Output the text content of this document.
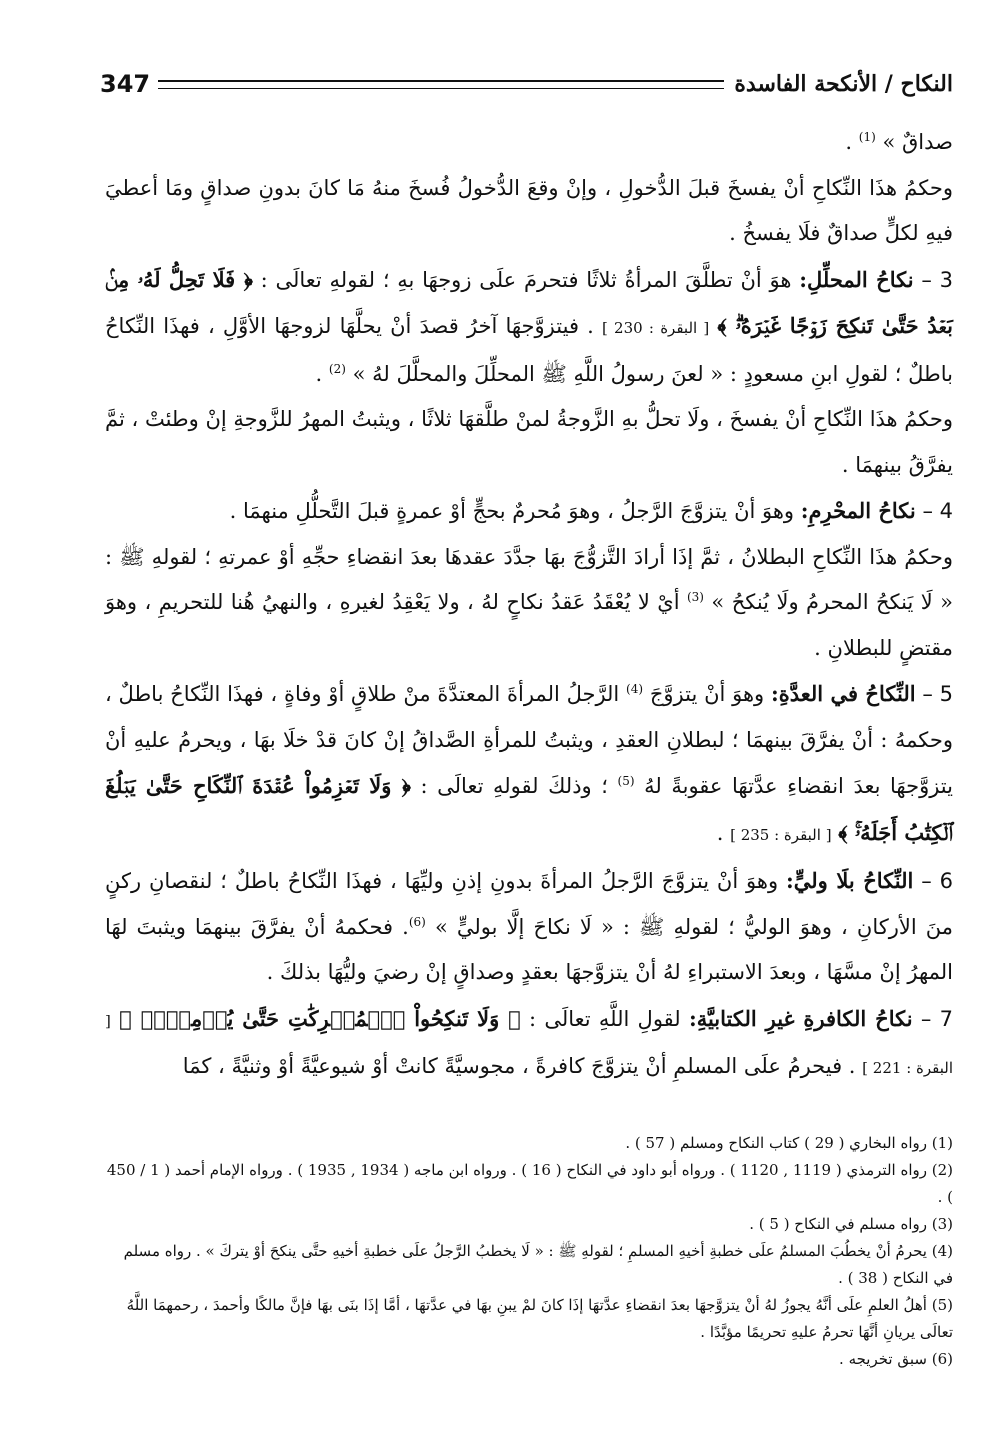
347	النكاح / الأنكحة الفاسدة

صداقٌ » $^{(1)}$ .

وحكمُ هذَا النِّكاحِ أنْ يفسخَ قبلَ الدُّخولِ ، وإنْ وقعَ الدُّخولُ فُسخَ منهُ مَا كانَ بدونِ صداقٍ ومَا أعطيَ فيهِ لكلٍّ صداقٌ فلَا يفسخُ .

3 – نكاحُ المحلِّلِ: هوَ أنْ تطلَّقَ المرأةُ ثلاثًا فتحرمَ علَى زوجهَا بهِ ؛ لقولهِ تعالَى : ﴿ فَلَا تَحِلُّ لَهُۥ مِنۢ بَعۡدُ حَتَّىٰ تَنكِحَ زَوۡجًا غَيۡرَهُۥۗ ﴾ [ البقرة : 230 ] . فيتزوَّجهَا آخرُ قصدَ أنْ يحلَّهَا لزوجهَا الأوَّلِ ، فهذَا النِّكاحُ باطلٌ ؛ لقولِ ابنِ مسعودٍ : « لعنَ رسولُ اللَّهِ ﷺ المحلِّلَ والمحلَّلَ لهُ » $^{(2)}$ .

وحكمُ هذَا النِّكاحِ أنْ يفسخَ ، ولَا تحلُّ بهِ الزَّوجةُ لمنْ طلَّقهَا ثلاثًا ، ويثبتُ المهرُ للزَّوجةِ إنْ وطئتْ ، ثمَّ يفرَّقُ بينهمَا .

4 – نكاحُ المحْرِمِ: وهوَ أنْ يتزوَّجَ الرَّجلُ ، وهوَ مُحرمٌ بحجٍّ أوْ عمرةٍ قبلَ التَّحلُّلِ منهمَا .

وحكمُ هذَا النِّكاحِ البطلانُ ، ثمَّ إذَا أرادَ التَّزوُّجَ بهَا جدَّدَ عقدهَا بعدَ انقضاءِ حجِّهِ أوْ عمرتهِ ؛ لقولهِ ﷺ : « لَا يَنكحُ المحرمُ ولَا يُنكحُ » $^{(3)}$ أيْ لا يُعْقَدُ عَقدُ نكاحٍ لهُ ، ولا يَعْقِدُ لغيرهِ ، والنهيُ هُنا للتحريمِ ، وهوَ مقتضٍ للبطلانِ .

5 – النِّكاحُ في العدَّةِ: وهوَ أنْ يتزوَّجَ $^{(4)}$ الرَّجلُ المرأةَ المعتدَّةَ منْ طلاقٍ أوْ وفاةٍ ، فهذَا النِّكاحُ باطلٌ ، وحكمهُ : أنْ يفرَّقَ بينهمَا ؛ لبطلانِ العقدِ ، ويثبتُ للمرأةِ الصَّداقُ إنْ كانَ قدْ خلَا بهَا ، ويحرمُ عليهِ أنْ يتزوَّجهَا بعدَ انقضاءِ عدَّتهَا عقوبةً لهُ $^{(5)}$ ؛ وذلكَ لقولهِ تعالَى : ﴿ وَلَا تَعۡزِمُواْ عُقۡدَةَ ٱلنِّكَاحِ حَتَّىٰ يَبۡلُغَ ٱلۡكِتَٰبُ أَجَلَهُۥۚ ﴾ [ البقرة : 235 ] .

6 – النِّكاحُ بلَا وليٍّ: وهوَ أنْ يتزوَّجَ الرَّجلُ المرأةَ بدونِ إذنِ وليِّهَا ، فهذَا النِّكاحُ باطلٌ ؛ لنقصانِ ركنٍ منَ الأركانِ ، وهوَ الوليُّ ؛ لقولهِ ﷺ : « لَا نكاحَ إلَّا بوليٍّ » $^{(6)}$. فحكمهُ أنْ يفرَّقَ بينهمَا ويثبتَ لهَا المهرُ إنْ مسَّهَا ، وبعدَ الاستبراءِ لهُ أنْ يتزوَّجهَا بعقدٍ وصداقٍ إنْ رضيَ وليُّهَا بذلكَ .

7 – نكاحُ الكافرةِ غيرِ الكتابيَّةِ: لقولِ اللَّهِ تعالَى : ﴿ وَلَا تَنكِحُواْ ٱلۡمُشۡرِكَٰتِ حَتَّىٰ يُؤۡمِنَّۚ ﴾ [ البقرة : 221 ] . فيحرمُ علَى المسلمِ أنْ يتزوَّجَ كافرةً ، مجوسيَّةً كانتْ أوْ شيوعيَّةً أوْ وثنيَّةً ، كمَا

(1) رواه البخاري ( 29 ) كتاب النكاح ومسلم ( 57 ) .

(2) رواه الترمذي ( 1119 , 1120 ) . ورواه أبو داود في النكاح ( 16 ) . ورواه ابن ماجه ( 1934 , 1935 ) . ورواه الإمام أحمد ( 1 / 450 ) .

(3) رواه مسلم في النكاح ( 5 ) .

(4) يحرمُ أنْ يخطُبَ المسلمُ علَى خطبةِ أخيهِ المسلمِ ؛ لقولهِ ﷺ : « لَا يخطبُ الرَّجلُ علَى خطبةِ أخيهِ حتَّى ينكحَ أوْ يتركَ » . رواه مسلم في النكاح ( 38 ) .

(5) أهلُ العلمِ علَى أنَّهُ يجوزُ لهُ أنْ يتزوَّجهَا بعدَ انقضاءِ عدَّتهَا إذَا كانَ لمْ يبنِ بهَا في عدَّتهَا ، أمَّا إذَا بنَى بهَا فإنَّ مالكًا وأحمدَ ، رحمهمَا اللَّهُ تعالَى يريانِ أنَّهَا تحرمُ عليهِ تحريمًا مؤبَّدًا .

(6) سبق تخريجه .
